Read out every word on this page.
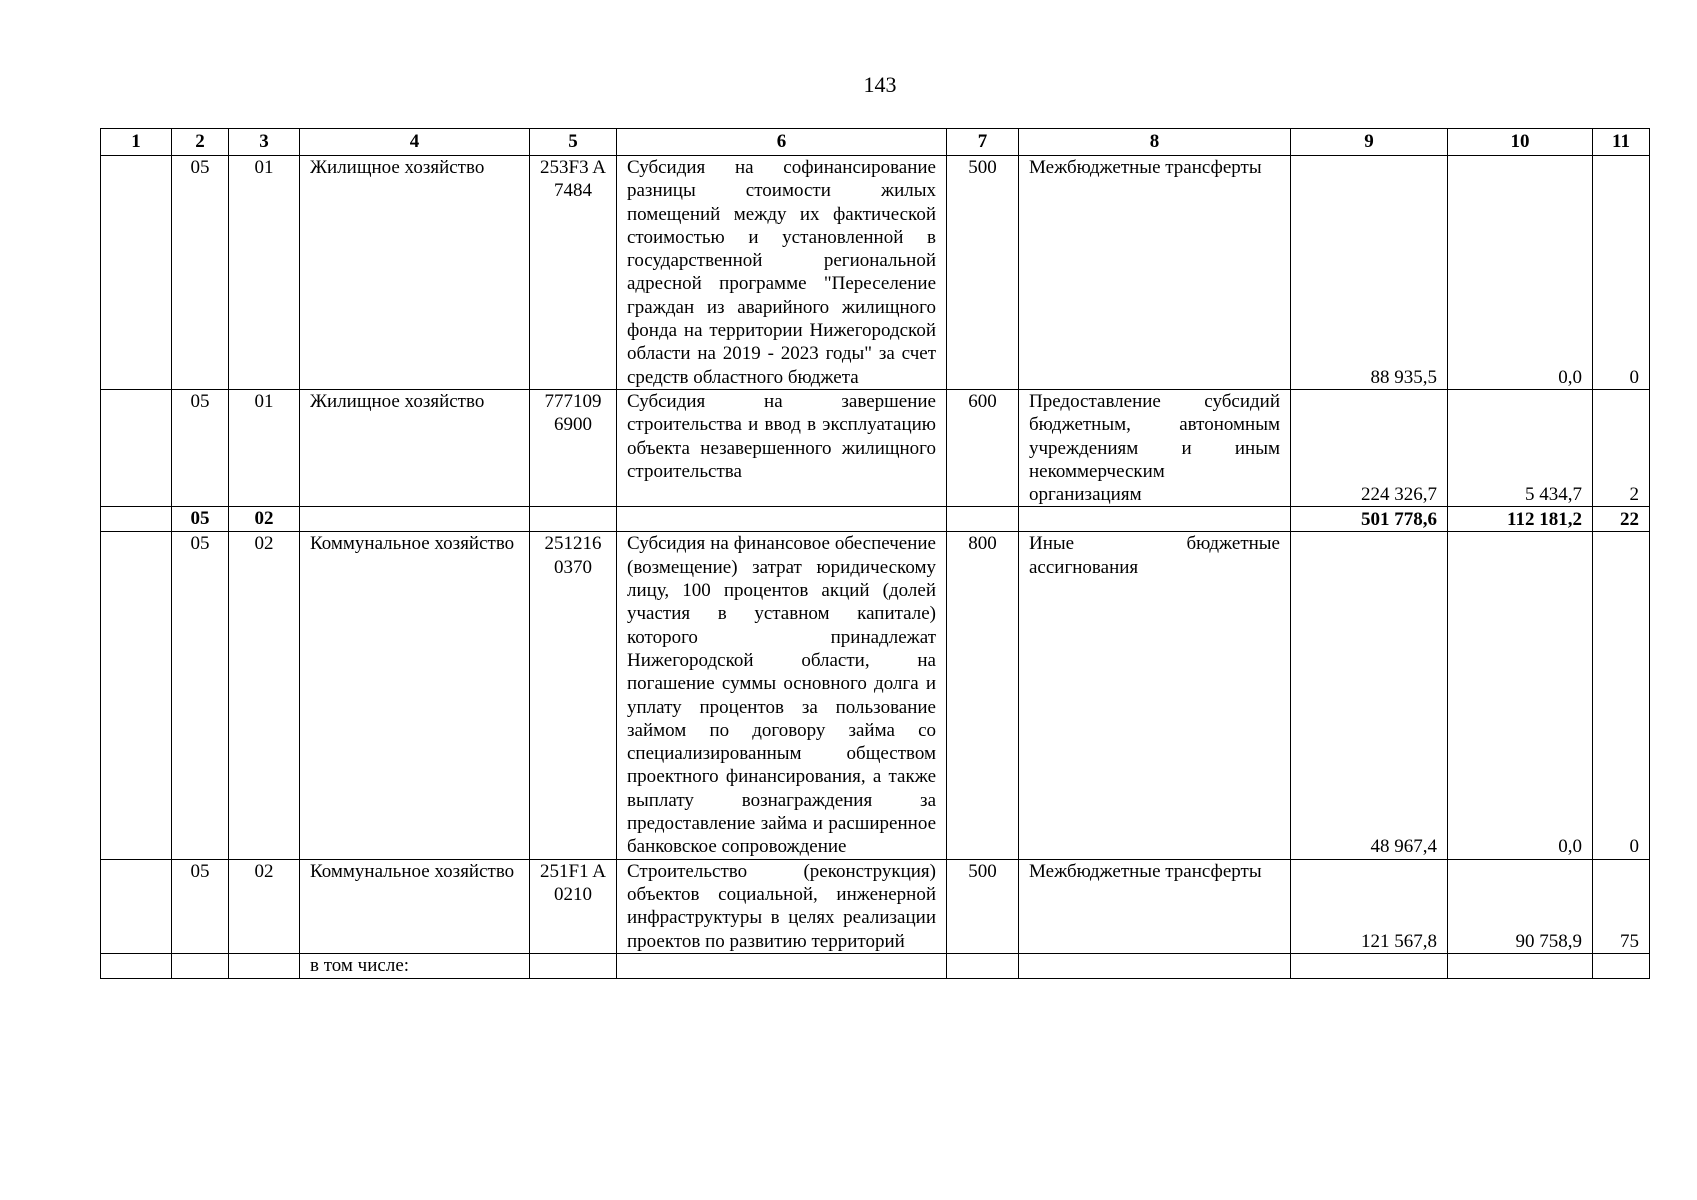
143
1	2	3	4	5	6	7	8	9	10	11
	05	01	Жилищное хозяйство	253F3 A7484	Субсидия на софинансирование разницы стоимости жилых помещений между их фактической стоимостью и установленной в государственной региональной адресной программе "Переселение граждан из аварийного жилищного фонда на территории Нижегородской области на 2019 - 2023 годы" за счет средств областного бюджета	500	Межбюджетные трансферты	88 935,5	0,0	0
	05	01	Жилищное хозяйство	777109 6900	Субсидия на завершение строительства и ввод в эксплуатацию объекта незавершенного жилищного строительства	600	Предоставление субсидий бюджетным, автономным учреждениям и иным некоммерческим организациям	224 326,7	5 434,7	2
	05	02						501 778,6	112 181,2	22
	05	02	Коммунальное хозяйство	251216 0370	Субсидия на финансовое обеспечение (возмещение) затрат юридическому лицу, 100 процентов акций (долей участия в уставном капитале) которого принадлежат Нижегородской области, на погашение суммы основного долга и уплату процентов за пользование займом по договору займа со специализированным обществом проектного финансирования, а также выплату вознаграждения за предоставление займа и расширенное банковское сопровождение	800	Иные бюджетные ассигнования	48 967,4	0,0	0
	05	02	Коммунальное хозяйство	251F1 A0210	Строительство (реконструкция) объектов социальной, инженерной инфраструктуры в целях реализации проектов по развитию территорий	500	Межбюджетные трансферты	121 567,8	90 758,9	75
			в том числе:							
